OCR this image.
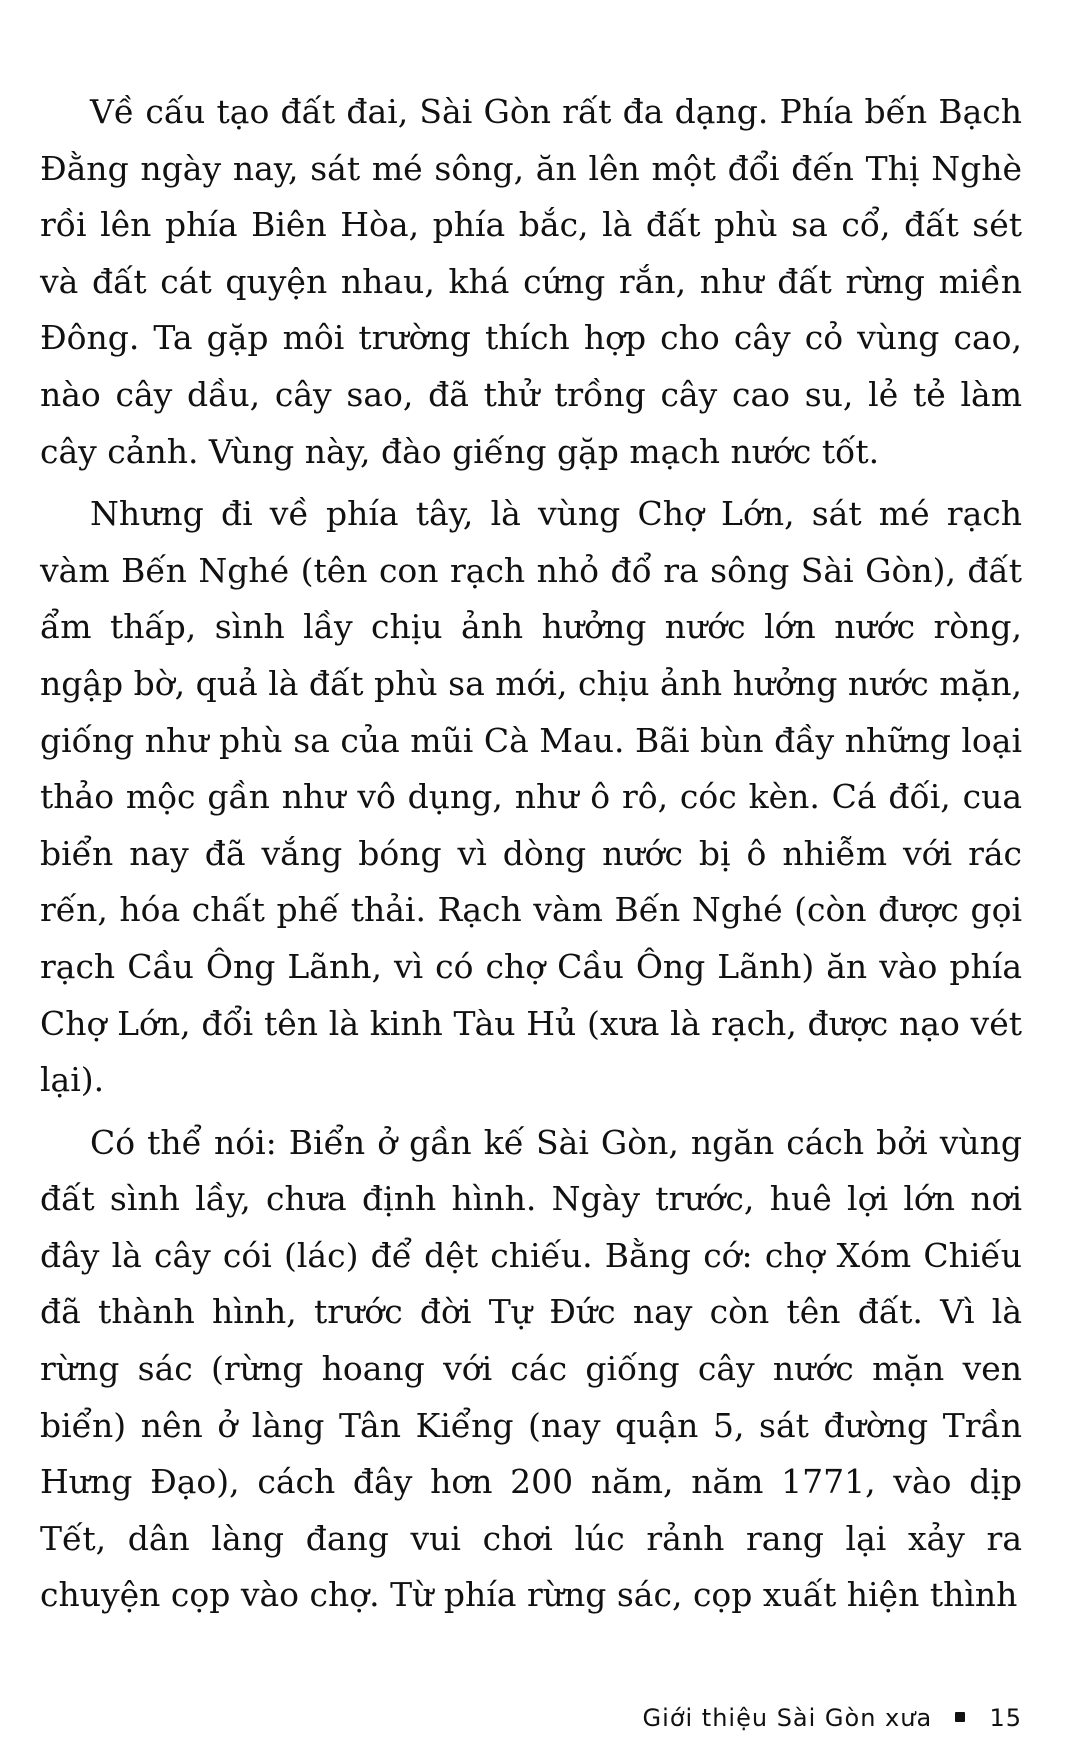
Về cấu tạo đất đai, Sài Gòn rất đa dạng. Phía bến Bạch Đằng ngày nay, sát mé sông, ăn lên một đổi đến Thị Nghè rồi lên phía Biên Hòa, phía bắc, là đất phù sa cổ, đất sét và đất cát quyện nhau, khá cứng rắn, như đất rừng miền Đông. Ta gặp môi trường thích hợp cho cây cỏ vùng cao, nào cây dầu, cây sao, đã thử trồng cây cao su, lẻ tẻ làm cây cảnh. Vùng này, đào giếng gặp mạch nước tốt.

Nhưng đi về phía tây, là vùng Chợ Lớn, sát mé rạch vàm Bến Nghé (tên con rạch nhỏ đổ ra sông Sài Gòn), đất ẩm thấp, sình lầy chịu ảnh hưởng nước lớn nước ròng, ngập bờ, quả là đất phù sa mới, chịu ảnh hưởng nước mặn, giống như phù sa của mũi Cà Mau. Bãi bùn đầy những loại thảo mộc gần như vô dụng, như ô rô, cóc kèn. Cá đối, cua biển nay đã vắng bóng vì dòng nước bị ô nhiễm với rác rến, hóa chất phế thải. Rạch vàm Bến Nghé (còn được gọi rạch Cầu Ông Lãnh, vì có chợ Cầu Ông Lãnh) ăn vào phía Chợ Lớn, đổi tên là kinh Tàu Hủ (xưa là rạch, được nạo vét lại).

Có thể nói: Biển ở gần kế Sài Gòn, ngăn cách bởi vùng đất sình lầy, chưa định hình. Ngày trước, huê lợi lớn nơi đây là cây cói (lác) để dệt chiếu. Bằng cớ: chợ Xóm Chiếu đã thành hình, trước đời Tự Đức nay còn tên đất. Vì là rừng sác (rừng hoang với các giống cây nước mặn ven biển) nên ở làng Tân Kiểng (nay quận 5, sát đường Trần Hưng Đạo), cách đây hơn 200 năm, năm 1771, vào dịp Tết, dân làng đang vui chơi lúc rảnh rang lại xảy ra chuyện cọp vào chợ. Từ phía rừng sác, cọp xuất hiện thình

Giới thiệu Sài Gòn xưa 15
